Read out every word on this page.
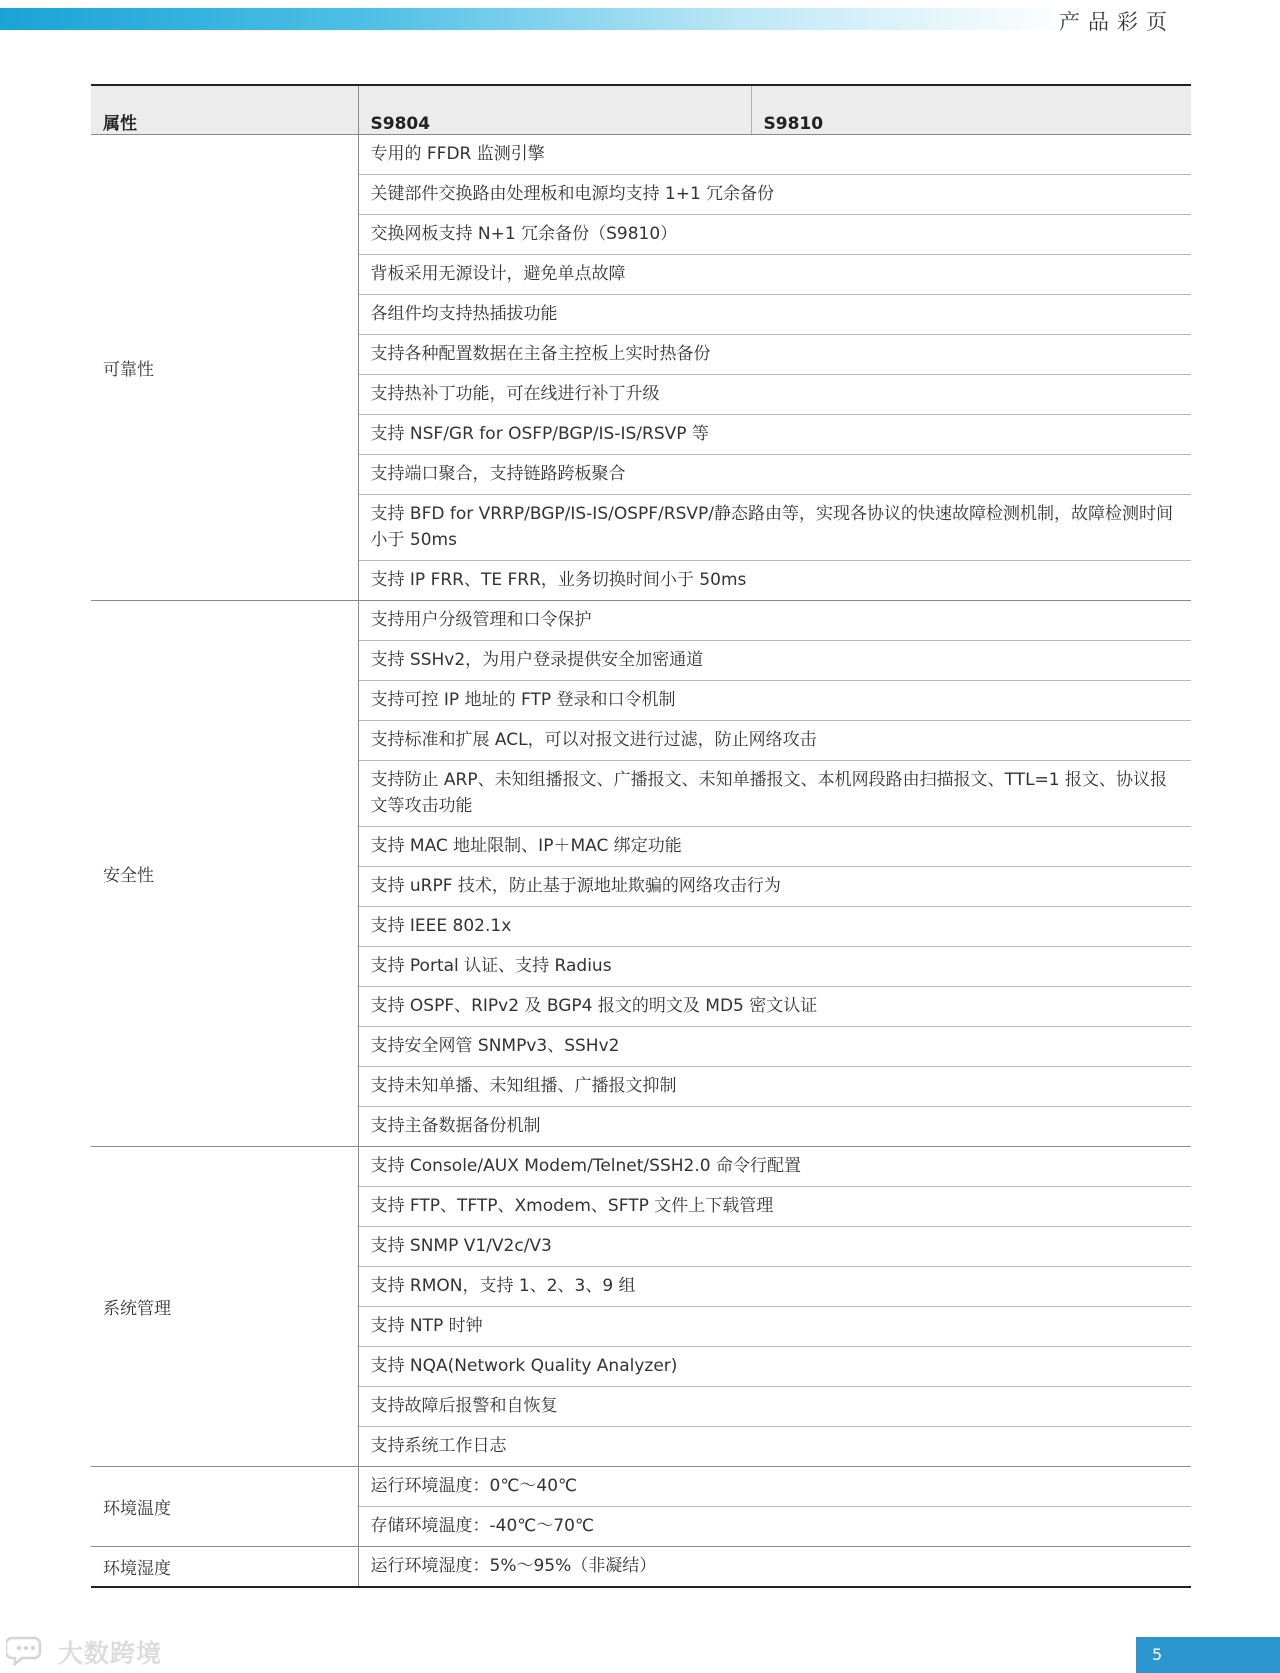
产品彩页
属性	S9804	S9810
可靠性	专用的 FFDR 监测引擎	
	关键部件交换路由处理板和电源均支持 1+1 冗余备份	
	交换网板支持 N+1 冗余备份（S9810）	
	背板采用无源设计，避免单点故障	
	各组件均支持热插拔功能	
	支持各种配置数据在主备主控板上实时热备份	
	支持热补丁功能，可在线进行补丁升级	
	支持 NSF/GR for OSFP/BGP/IS-IS/RSVP 等	
	支持端口聚合，支持链路跨板聚合	
	支持 BFD for VRRP/BGP/IS-IS/OSPF/RSVP/静态路由等，实现各协议的快速故障检测机制，故障检测时间小于 50ms	
	支持 IP FRR、TE FRR，业务切换时间小于 50ms	
安全性	支持用户分级管理和口令保护	
	支持 SSHv2，为用户登录提供安全加密通道	
	支持可控 IP 地址的 FTP 登录和口令机制	
	支持标准和扩展 ACL，可以对报文进行过滤，防止网络攻击	
	支持防止 ARP、未知组播报文、广播报文、未知单播报文、本机网段路由扫描报文、TTL=1 报文、协议报文等攻击功能	
	支持 MAC 地址限制、IP＋MAC 绑定功能	
	支持 uRPF 技术，防止基于源地址欺骗的网络攻击行为	
	支持 IEEE 802.1x	
	支持 Portal 认证、支持 Radius	
	支持 OSPF、RIPv2 及 BGP4 报文的明文及 MD5 密文认证	
	支持安全网管 SNMPv3、SSHv2	
	支持未知单播、未知组播、广播报文抑制	
	支持主备数据备份机制	
系统管理	支持 Console/AUX Modem/Telnet/SSH2.0 命令行配置	
	支持 FTP、TFTP、Xmodem、SFTP 文件上下载管理	
	支持 SNMP V1/V2c/V3	
	支持 RMON，支持 1、2、3、9 组	
	支持 NTP 时钟	
	支持 NQA(Network Quality Analyzer)	
	支持故障后报警和自恢复	
	支持系统工作日志	
环境温度	运行环境温度：0℃～40℃	
	存储环境温度：-40℃～70℃	
环境湿度	运行环境湿度：5%～95%（非凝结）	
大数跨境	5
